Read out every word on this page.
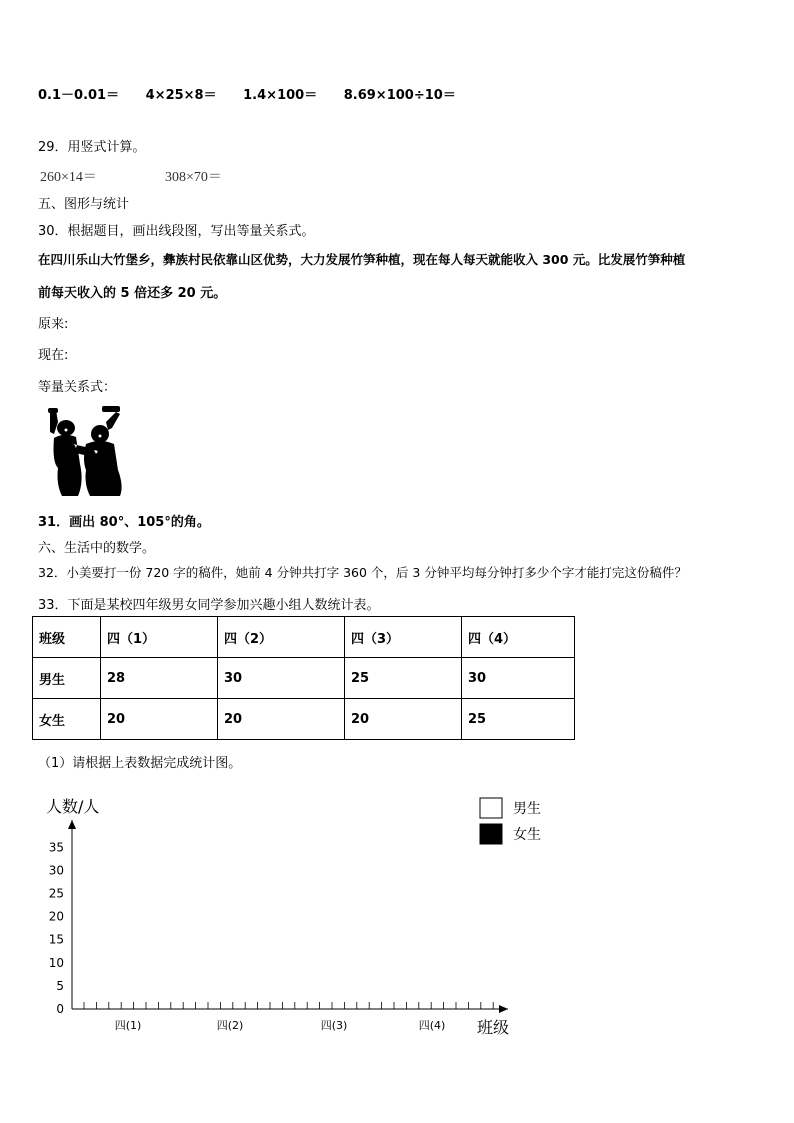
0.1－0.01＝ 4×25×8＝ 1.4×100＝ 8.69×100÷10＝
29．用竖式计算。
260×14＝	308×70＝
五、图形与统计
30．根据题目，画出线段图，写出等量关系式。
在四川乐山大竹堡乡，彝族村民依靠山区优势，大力发展竹笋种植，现在每人每天就能收入 300 元。比发展竹笋种植
前每天收入的 5 倍还多 20 元。
原来:
现在:
等量关系式：
31．画出 80°、105°的角。
六、生活中的数学。
32．小美要打一份 720 字的稿件，她前 4 分钟共打字 360 个，后 3 分钟平均每分钟打多少个字才能打完这份稿件？
33．下面是某校四年级男女同学参加兴趣小组人数统计表。
班级	四（1）	四（2）	四（3）	四（4）
男生	28	30	25	30
女生	20	20	20	25
（1）请根据上表数据完成统计图。
人数/人
0
5
10
15
20
25
30
35
四(1)	四(2)	四(3)	四(4) 班级
男生
女生
